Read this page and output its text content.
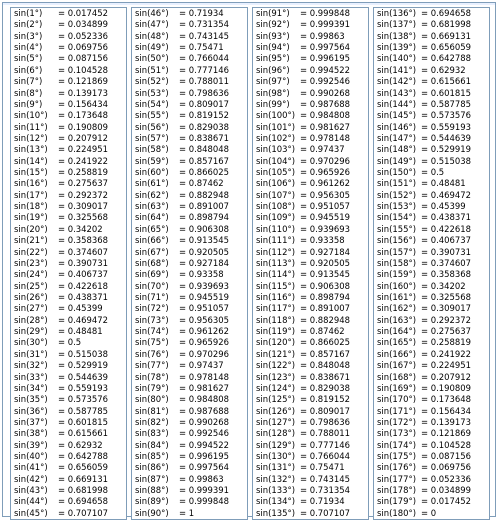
sin(1°) = 0.017452
sin(2°) = 0.034899
sin(3°) = 0.052336
sin(4°) = 0.069756
sin(5°) = 0.087156
sin(6°) = 0.104528
sin(7°) = 0.121869
sin(8°) = 0.139173
sin(9°) = 0.156434
sin(10°) = 0.173648
sin(11°) = 0.190809
sin(12°) = 0.207912
sin(13°) = 0.224951
sin(14°) = 0.241922
sin(15°) = 0.258819
sin(16°) = 0.275637
sin(17°) = 0.292372
sin(18°) = 0.309017
sin(19°) = 0.325568
sin(20°) = 0.34202
sin(21°) = 0.358368
sin(22°) = 0.374607
sin(23°) = 0.390731
sin(24°) = 0.406737
sin(25°) = 0.422618
sin(26°) = 0.438371
sin(27°) = 0.45399
sin(28°) = 0.469472
sin(29°) = 0.48481
sin(30°) = 0.5
sin(31°) = 0.515038
sin(32°) = 0.529919
sin(33°) = 0.544639
sin(34°) = 0.559193
sin(35°) = 0.573576
sin(36°) = 0.587785
sin(37°) = 0.601815
sin(38°) = 0.615661
sin(39°) = 0.62932
sin(40°) = 0.642788
sin(41°) = 0.656059
sin(42°) = 0.669131
sin(43°) = 0.681998
sin(44°) = 0.694658
sin(45°) = 0.707107

sin(46°) = 0.71934
sin(47°) = 0.731354
sin(48°) = 0.743145
sin(49°) = 0.75471
sin(50°) = 0.766044
sin(51°) = 0.777146
sin(52°) = 0.788011
sin(53°) = 0.798636
sin(54°) = 0.809017
sin(55°) = 0.819152
sin(56°) = 0.829038
sin(57°) = 0.838671
sin(58°) = 0.848048
sin(59°) = 0.857167
sin(60°) = 0.866025
sin(61°) = 0.87462
sin(62°) = 0.882948
sin(63°) = 0.891007
sin(64°) = 0.898794
sin(65°) = 0.906308
sin(66°) = 0.913545
sin(67°) = 0.920505
sin(68°) = 0.927184
sin(69°) = 0.93358
sin(70°) = 0.939693
sin(71°) = 0.945519
sin(72°) = 0.951057
sin(73°) = 0.956305
sin(74°) = 0.961262
sin(75°) = 0.965926
sin(76°) = 0.970296
sin(77°) = 0.97437
sin(78°) = 0.978148
sin(79°) = 0.981627
sin(80°) = 0.984808
sin(81°) = 0.987688
sin(82°) = 0.990268
sin(83°) = 0.992546
sin(84°) = 0.994522
sin(85°) = 0.996195
sin(86°) = 0.997564
sin(87°) = 0.99863
sin(88°) = 0.999391
sin(89°) = 0.999848
sin(90°) = 1

sin(91°) = 0.999848
sin(92°) = 0.999391
sin(93°) = 0.99863
sin(94°) = 0.997564
sin(95°) = 0.996195
sin(96°) = 0.994522
sin(97°) = 0.992546
sin(98°) = 0.990268
sin(99°) = 0.987688
sin(100°) = 0.984808
sin(101°) = 0.981627
sin(102°) = 0.978148
sin(103°) = 0.97437
sin(104°) = 0.970296
sin(105°) = 0.965926
sin(106°) = 0.961262
sin(107°) = 0.956305
sin(108°) = 0.951057
sin(109°) = 0.945519
sin(110°) = 0.939693
sin(111°) = 0.93358
sin(112°) = 0.927184
sin(113°) = 0.920505
sin(114°) = 0.913545
sin(115°) = 0.906308
sin(116°) = 0.898794
sin(117°) = 0.891007
sin(118°) = 0.882948
sin(119°) = 0.87462
sin(120°) = 0.866025
sin(121°) = 0.857167
sin(122°) = 0.848048
sin(123°) = 0.838671
sin(124°) = 0.829038
sin(125°) = 0.819152
sin(126°) = 0.809017
sin(127°) = 0.798636
sin(128°) = 0.788011
sin(129°) = 0.777146
sin(130°) = 0.766044
sin(131°) = 0.75471
sin(132°) = 0.743145
sin(133°) = 0.731354
sin(134°) = 0.71934
sin(135°) = 0.707107

sin(136°) = 0.694658
sin(137°) = 0.681998
sin(138°) = 0.669131
sin(139°) = 0.656059
sin(140°) = 0.642788
sin(141°) = 0.62932
sin(142°) = 0.615661
sin(143°) = 0.601815
sin(144°) = 0.587785
sin(145°) = 0.573576
sin(146°) = 0.559193
sin(147°) = 0.544639
sin(148°) = 0.529919
sin(149°) = 0.515038
sin(150°) = 0.5
sin(151°) = 0.48481
sin(152°) = 0.469472
sin(153°) = 0.45399
sin(154°) = 0.438371
sin(155°) = 0.422618
sin(156°) = 0.406737
sin(157°) = 0.390731
sin(158°) = 0.374607
sin(159°) = 0.358368
sin(160°) = 0.34202
sin(161°) = 0.325568
sin(162°) = 0.309017
sin(163°) = 0.292372
sin(164°) = 0.275637
sin(165°) = 0.258819
sin(166°) = 0.241922
sin(167°) = 0.224951
sin(168°) = 0.207912
sin(169°) = 0.190809
sin(170°) = 0.173648
sin(171°) = 0.156434
sin(172°) = 0.139173
sin(173°) = 0.121869
sin(174°) = 0.104528
sin(175°) = 0.087156
sin(176°) = 0.069756
sin(177°) = 0.052336
sin(178°) = 0.034899
sin(179°) = 0.017452
sin(180°) = 0
